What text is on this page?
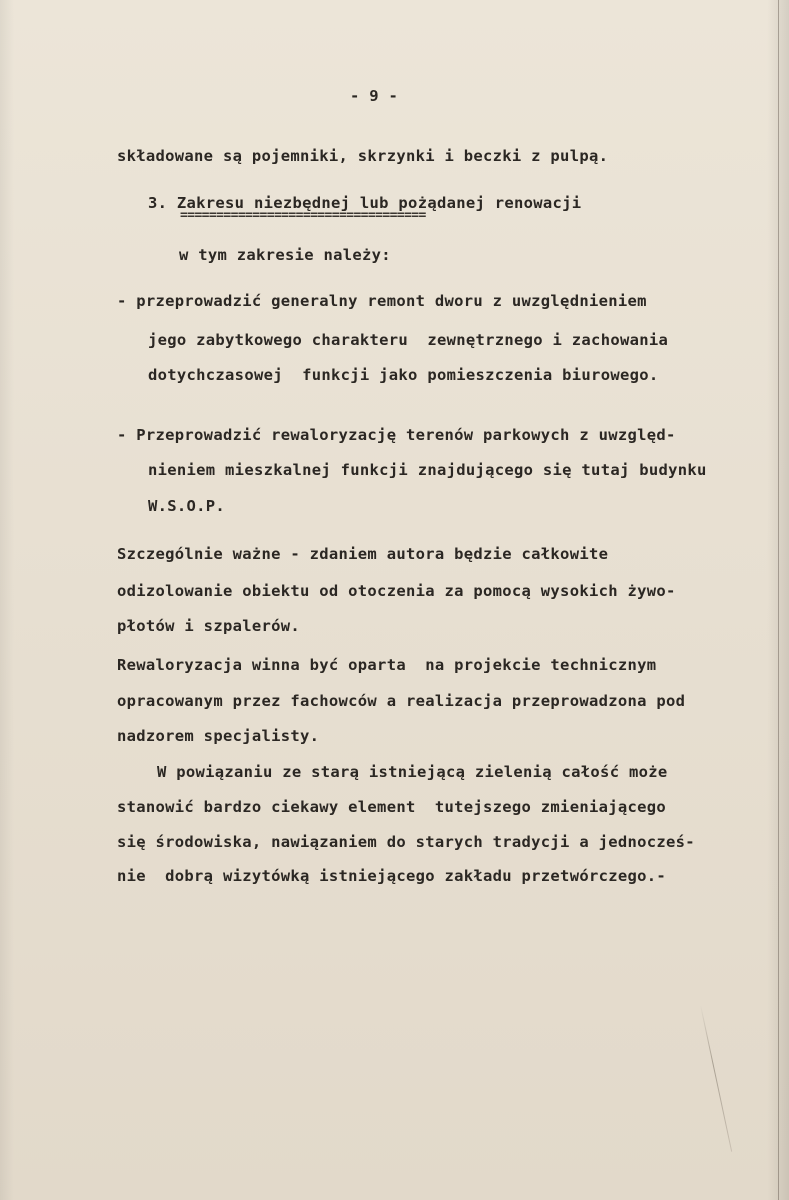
- 9 -
składowane są pojemniki, skrzynki i beczki z pulpą.
3. Zakresu niezbędnej lub pożądanej renowacji
==================================
w tym zakresie należy:
- przeprowadzić generalny remont dworu z uwzględnieniem
jego zabytkowego charakteru  zewnętrznego i zachowania
dotychczasowej  funkcji jako pomieszczenia biurowego.
- Przeprowadzić rewaloryzację terenów parkowych z uwzględ-
nieniem mieszkalnej funkcji znajdującego się tutaj budynku
W.S.O.P.
Szczególnie ważne - zdaniem autora będzie całkowite
odizolowanie obiektu od otoczenia za pomocą wysokich żywo-
płotów i szpalerów.
Rewaloryzacja winna być oparta  na projekcie technicznym
opracowanym przez fachowców a realizacja przeprowadzona pod
nadzorem specjalisty.
W powiązaniu ze starą istniejącą zielenią całość może
stanowić bardzo ciekawy element  tutejszego zmieniającego
się środowiska, nawiązaniem do starych tradycji a jednocześ-
nie  dobrą wizytówką istniejącego zakładu przetwórczego.-
